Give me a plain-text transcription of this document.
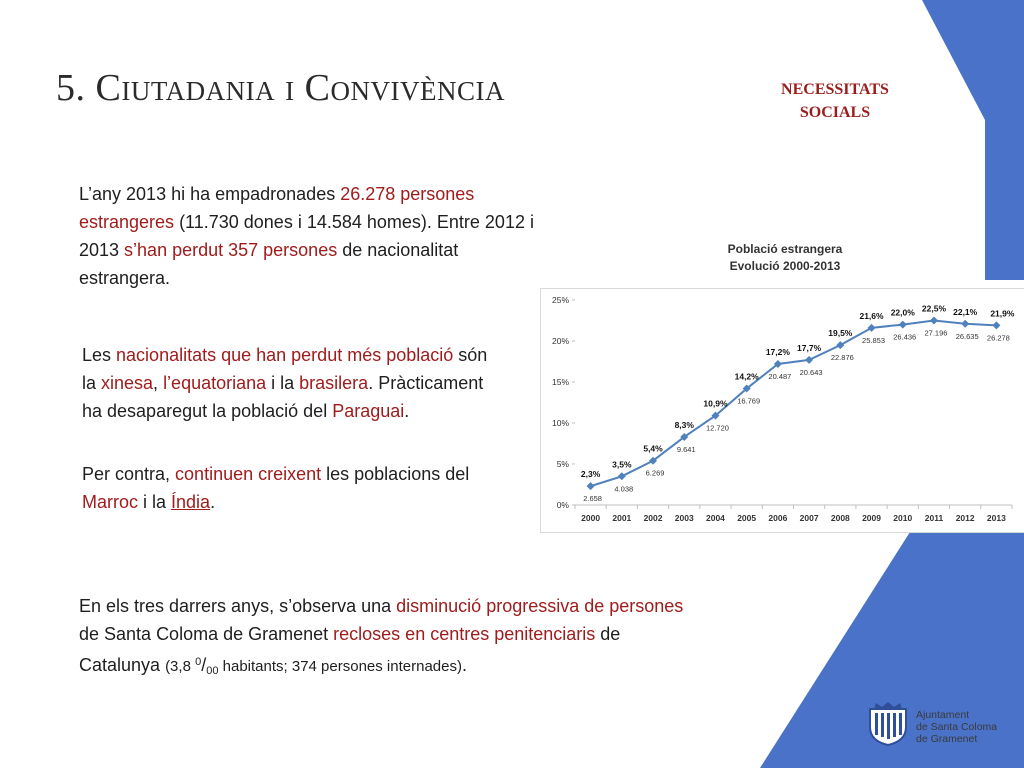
5. Ciutadania i Convivència	NECESSITATS
SOCIALS

L’any 2013 hi ha empadronades 26.278 persones estrangeres (11.730 dones i 14.584 homes). Entre 2012 i 2013 s’han perdut 357 persones de nacionalitat estrangera.

Les nacionalitats que han perdut més població són la xinesa, l’equatoriana i la brasilera. Pràcticament ha desaparegut la població del Paraguai.

Per contra, continuen creixent les poblacions del Marroc i la Índia.

En els tres darrers anys, s’observa una disminució progressiva de persones de Santa Coloma de Gramenet recloses en centres penitenciaris de Catalunya (3,8 $^0/_{00}$ habitants; 374 persones internades).

Població estrangera
Evolució 2000-2013
0%
5%
10%
15%
20%
25%
2000 2001 2002 2003 2004 2005 2006 2007 2008 2009 2010 2011 2012 2013
2,3%
3,5%
5,4%
8,3%
10,9%
14,2%
17,2% 17,7%
19,5%
21,6% 22,0% 22,5% 22,1% 21,9%
2.658
4.038
6.269
9.641
12.720
16.769
20.487 20.643
22.876
25.853 26.436 27.196 26.635 26.278
Ajuntament
de Santa Coloma
de Gramenet
